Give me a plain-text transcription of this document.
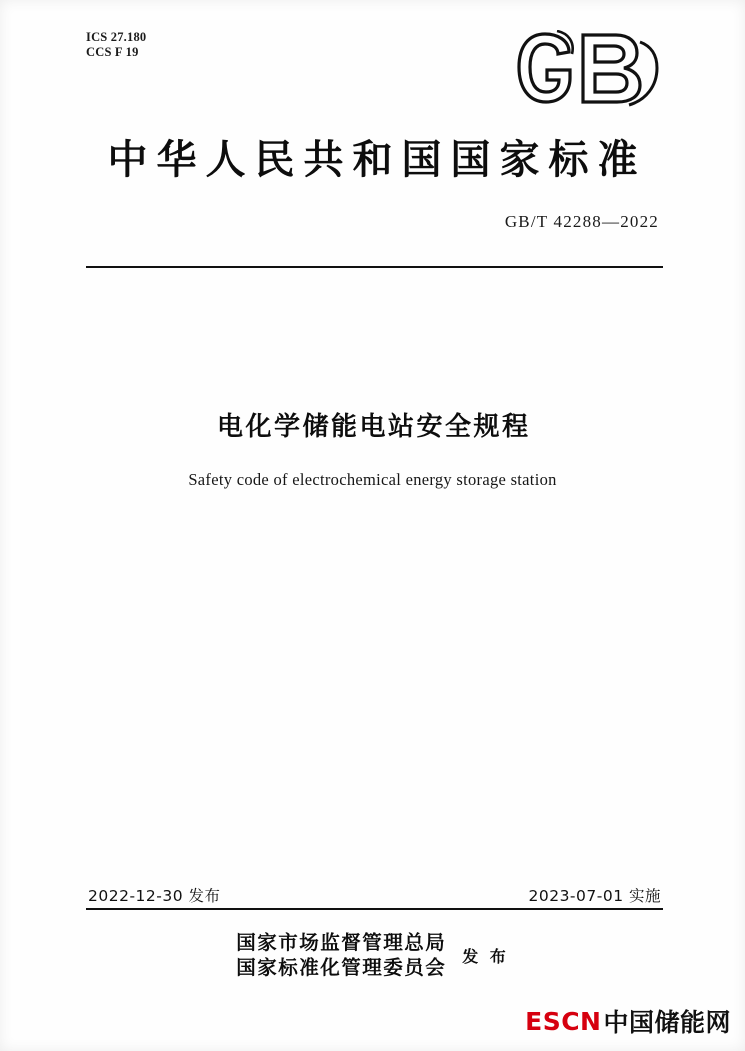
ICS 27.180
CCS F 19
中华人民共和国国家标准
GB/T 42288—2022
电化学储能电站安全规程
Safety code of electrochemical energy storage station
2022-12-30 发布	2023-07-01 实施
国家市场监督管理总局
国家标准化管理委员会 发 布
ESCN 中国储能网
